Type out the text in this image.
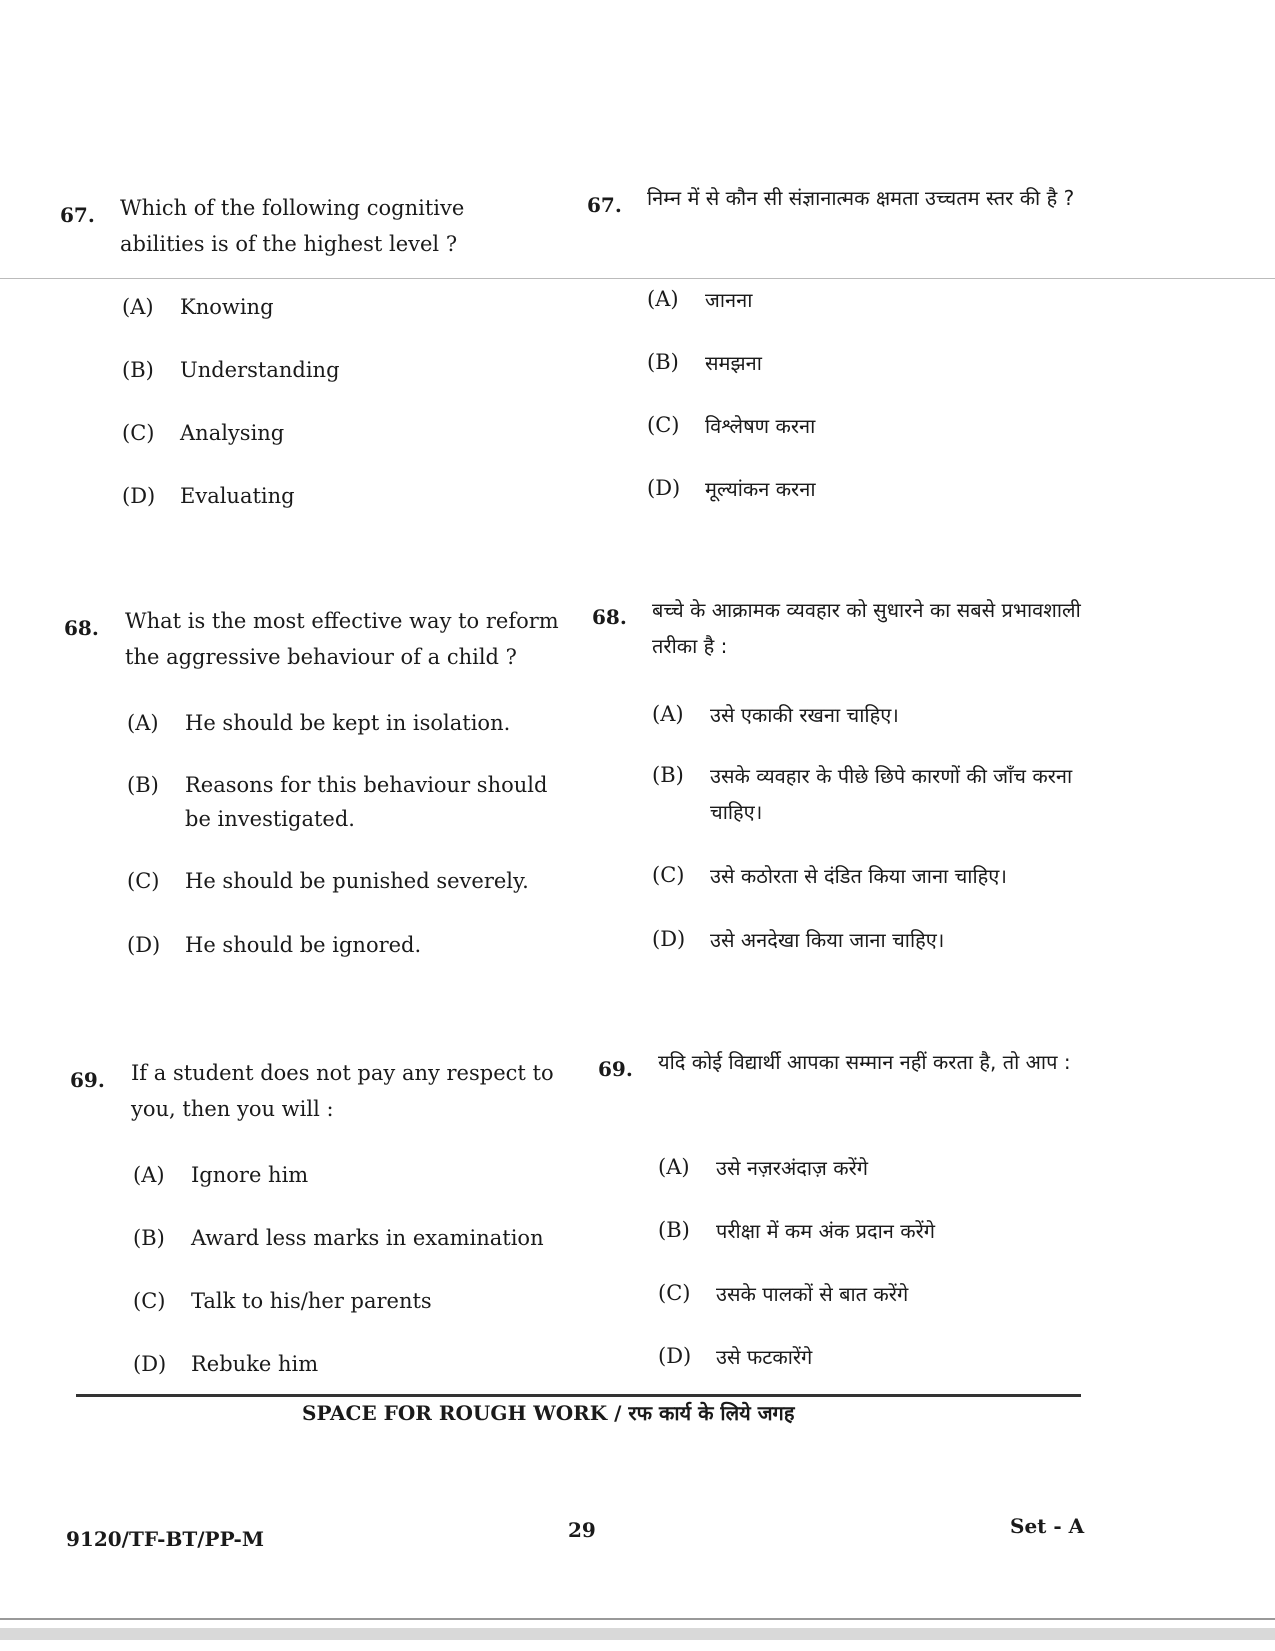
67. Which of the following cognitive abilities is of the highest level ?
67. निम्न में से कौन सी संज्ञानात्मक क्षमता उच्चतम स्तर की है ?
(A) Knowing
(B) Understanding
(C) Analysing
(D) Evaluating
(A) जानना
(B) समझना
(C) विश्लेषण करना
(D) मूल्यांकन करना
68. What is the most effective way to reform the aggressive behaviour of a child ?
68. बच्चे के आक्रामक व्यवहार को सुधारने का सबसे प्रभावशाली तरीका है :
(A) He should be kept in isolation.
(B) Reasons for this behaviour should be investigated.
(C) He should be punished severely.
(D) He should be ignored.
(A) उसे एकाकी रखना चाहिए।
(B) उसके व्यवहार के पीछे छिपे कारणों की जाँच करना चाहिए।
(C) उसे कठोरता से दंडित किया जाना चाहिए।
(D) उसे अनदेखा किया जाना चाहिए।
69. If a student does not pay any respect to you, then you will :
69. यदि कोई विद्यार्थी आपका सम्मान नहीं करता है, तो आप :
(A) Ignore him
(B) Award less marks in examination
(C) Talk to his/her parents
(D) Rebuke him
(A) उसे नज़रअंदाज़ करेंगे
(B) परीक्षा में कम अंक प्रदान करेंगे
(C) उसके पालकों से बात करेंगे
(D) उसे फटकारेंगे
SPACE FOR ROUGH WORK / रफ कार्य के लिये जगह
9120/TF-BT/PP-M	29	Set - A
